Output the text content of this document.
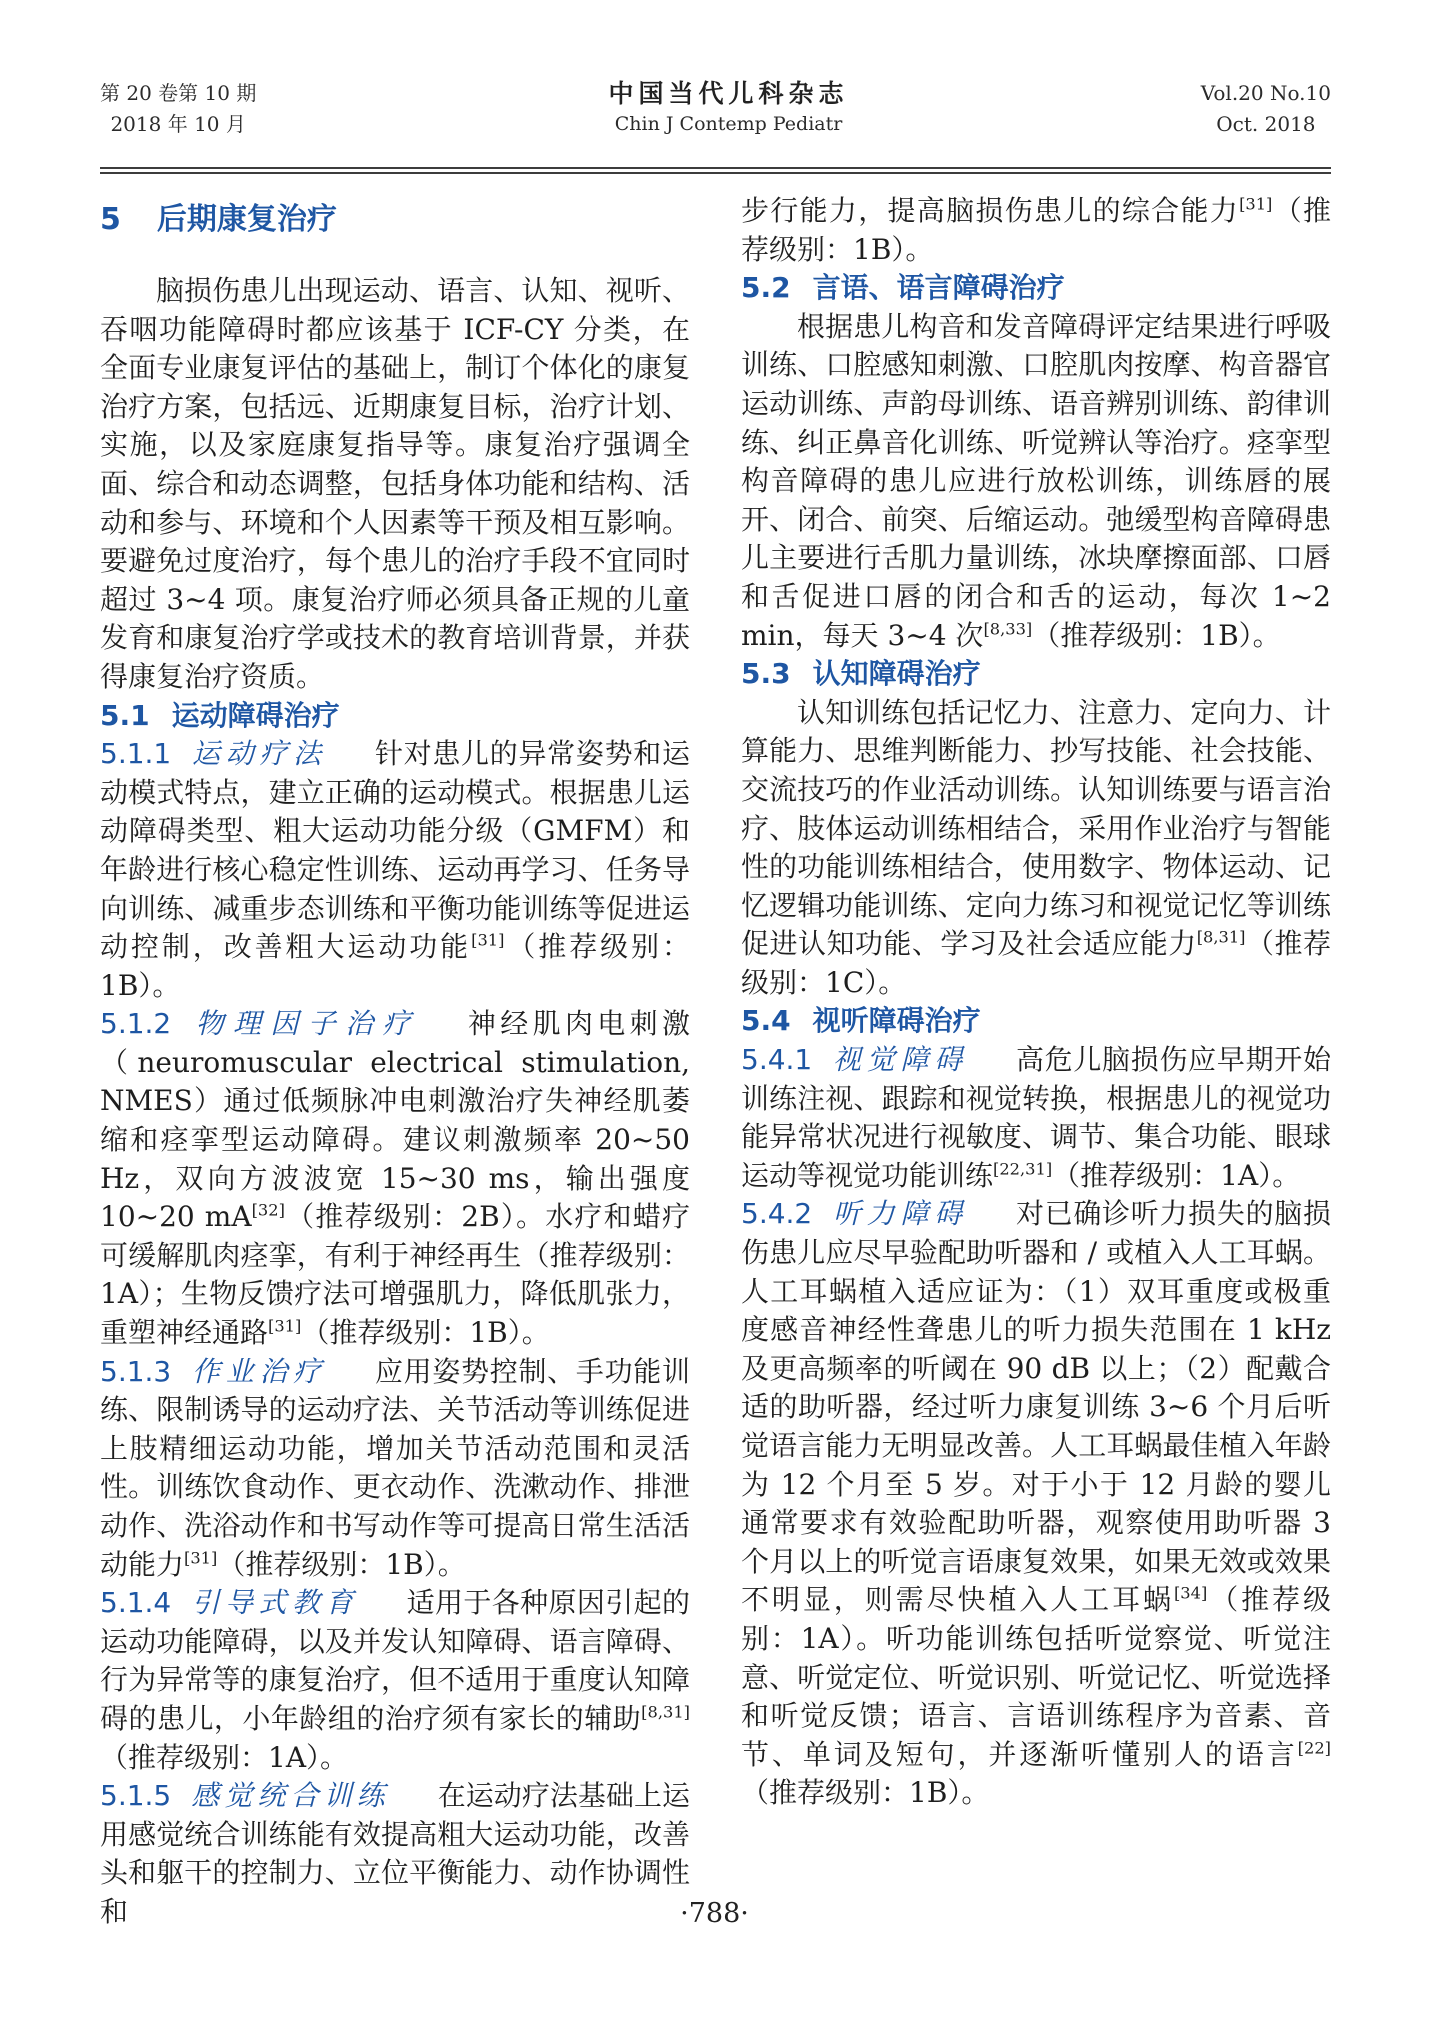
第 20 卷第 10 期
2018 年 10 月
中国当代儿科杂志
Chin J Contemp Pediatr
Vol.20 No.10
Oct. 2018
5 后期康复治疗

脑损伤患儿出现运动、语言、认知、视听、吞咽功能障碍时都应该基于 ICF-CY 分类，在全面专业康复评估的基础上，制订个体化的康复治疗方案，包括远、近期康复目标，治疗计划、实施，以及家庭康复指导等。康复治疗强调全面、综合和动态调整，包括身体功能和结构、活动和参与、环境和个人因素等干预及相互影响。要避免过度治疗，每个患儿的治疗手段不宜同时超过 3~4 项。康复治疗师必须具备正规的儿童发育和康复治疗学或技术的教育培训背景，并获得康复治疗资质。

5.1 运动障碍治疗

5.1.1 运动疗法 针对患儿的异常姿势和运动模式特点，建立正确的运动模式。根据患儿运动障碍类型、粗大运动功能分级（GMFM）和年龄进行核心稳定性训练、运动再学习、任务导向训练、减重步态训练和平衡功能训练等促进运动控制，改善粗大运动功能[31]（推荐级别：1B）。

5.1.2 物理因子治疗 神经肌肉电刺激（neuromuscular electrical stimulation, NMES）通过低频脉冲电刺激治疗失神经肌萎缩和痉挛型运动障碍。建议刺激频率 20~50 Hz，双向方波波宽 15~30 ms，输出强度 10~20 mA[32]（推荐级别：2B）。水疗和蜡疗可缓解肌肉痉挛，有利于神经再生（推荐级别：1A）；生物反馈疗法可增强肌力，降低肌张力，重塑神经通路[31]（推荐级别：1B）。

5.1.3 作业治疗 应用姿势控制、手功能训练、限制诱导的运动疗法、关节活动等训练促进上肢精细运动功能，增加关节活动范围和灵活性。训练饮食动作、更衣动作、洗漱动作、排泄动作、洗浴动作和书写动作等可提高日常生活活动能力[31]（推荐级别：1B）。

5.1.4 引导式教育 适用于各种原因引起的运动功能障碍，以及并发认知障碍、语言障碍、行为异常等的康复治疗，但不适用于重度认知障碍的患儿，小年龄组的治疗须有家长的辅助[8,31]（推荐级别：1A）。

5.1.5 感觉统合训练 在运动疗法基础上运用感觉统合训练能有效提高粗大运动功能，改善头和躯干的控制力、立位平衡能力、动作协调性和

步行能力，提高脑损伤患儿的综合能力[31]（推荐级别：1B）。

5.2 言语、语言障碍治疗

根据患儿构音和发音障碍评定结果进行呼吸训练、口腔感知刺激、口腔肌肉按摩、构音器官运动训练、声韵母训练、语音辨别训练、韵律训练、纠正鼻音化训练、听觉辨认等治疗。痉挛型构音障碍的患儿应进行放松训练，训练唇的展开、闭合、前突、后缩运动。弛缓型构音障碍患儿主要进行舌肌力量训练，冰块摩擦面部、口唇和舌促进口唇的闭合和舌的运动，每次 1~2 min，每天 3~4 次[8,33]（推荐级别：1B）。

5.3 认知障碍治疗

认知训练包括记忆力、注意力、定向力、计算能力、思维判断能力、抄写技能、社会技能、交流技巧的作业活动训练。认知训练要与语言治疗、肢体运动训练相结合，采用作业治疗与智能性的功能训练相结合，使用数字、物体运动、记忆逻辑功能训练、定向力练习和视觉记忆等训练促进认知功能、学习及社会适应能力[8,31]（推荐级别：1C）。

5.4 视听障碍治疗

5.4.1 视觉障碍 高危儿脑损伤应早期开始训练注视、跟踪和视觉转换，根据患儿的视觉功能异常状况进行视敏度、调节、集合功能、眼球运动等视觉功能训练[22,31]（推荐级别：1A）。

5.4.2 听力障碍 对已确诊听力损失的脑损伤患儿应尽早验配助听器和 / 或植入人工耳蜗。人工耳蜗植入适应证为：（1）双耳重度或极重度感音神经性聋患儿的听力损失范围在 1 kHz 及更高频率的听阈在 90 dB 以上；（2）配戴合适的助听器，经过听力康复训练 3~6 个月后听觉语言能力无明显改善。人工耳蜗最佳植入年龄为 12 个月至 5 岁。对于小于 12 月龄的婴儿通常要求有效验配助听器，观察使用助听器 3 个月以上的听觉言语康复效果，如果无效或效果不明显，则需尽快植入人工耳蜗[34]（推荐级别：1A）。听功能训练包括听觉察觉、听觉注意、听觉定位、听觉识别、听觉记忆、听觉选择和听觉反馈；语言、言语训练程序为音素、音节、单词及短句，并逐渐听懂别人的语言[22]（推荐级别：1B）。

·788·
